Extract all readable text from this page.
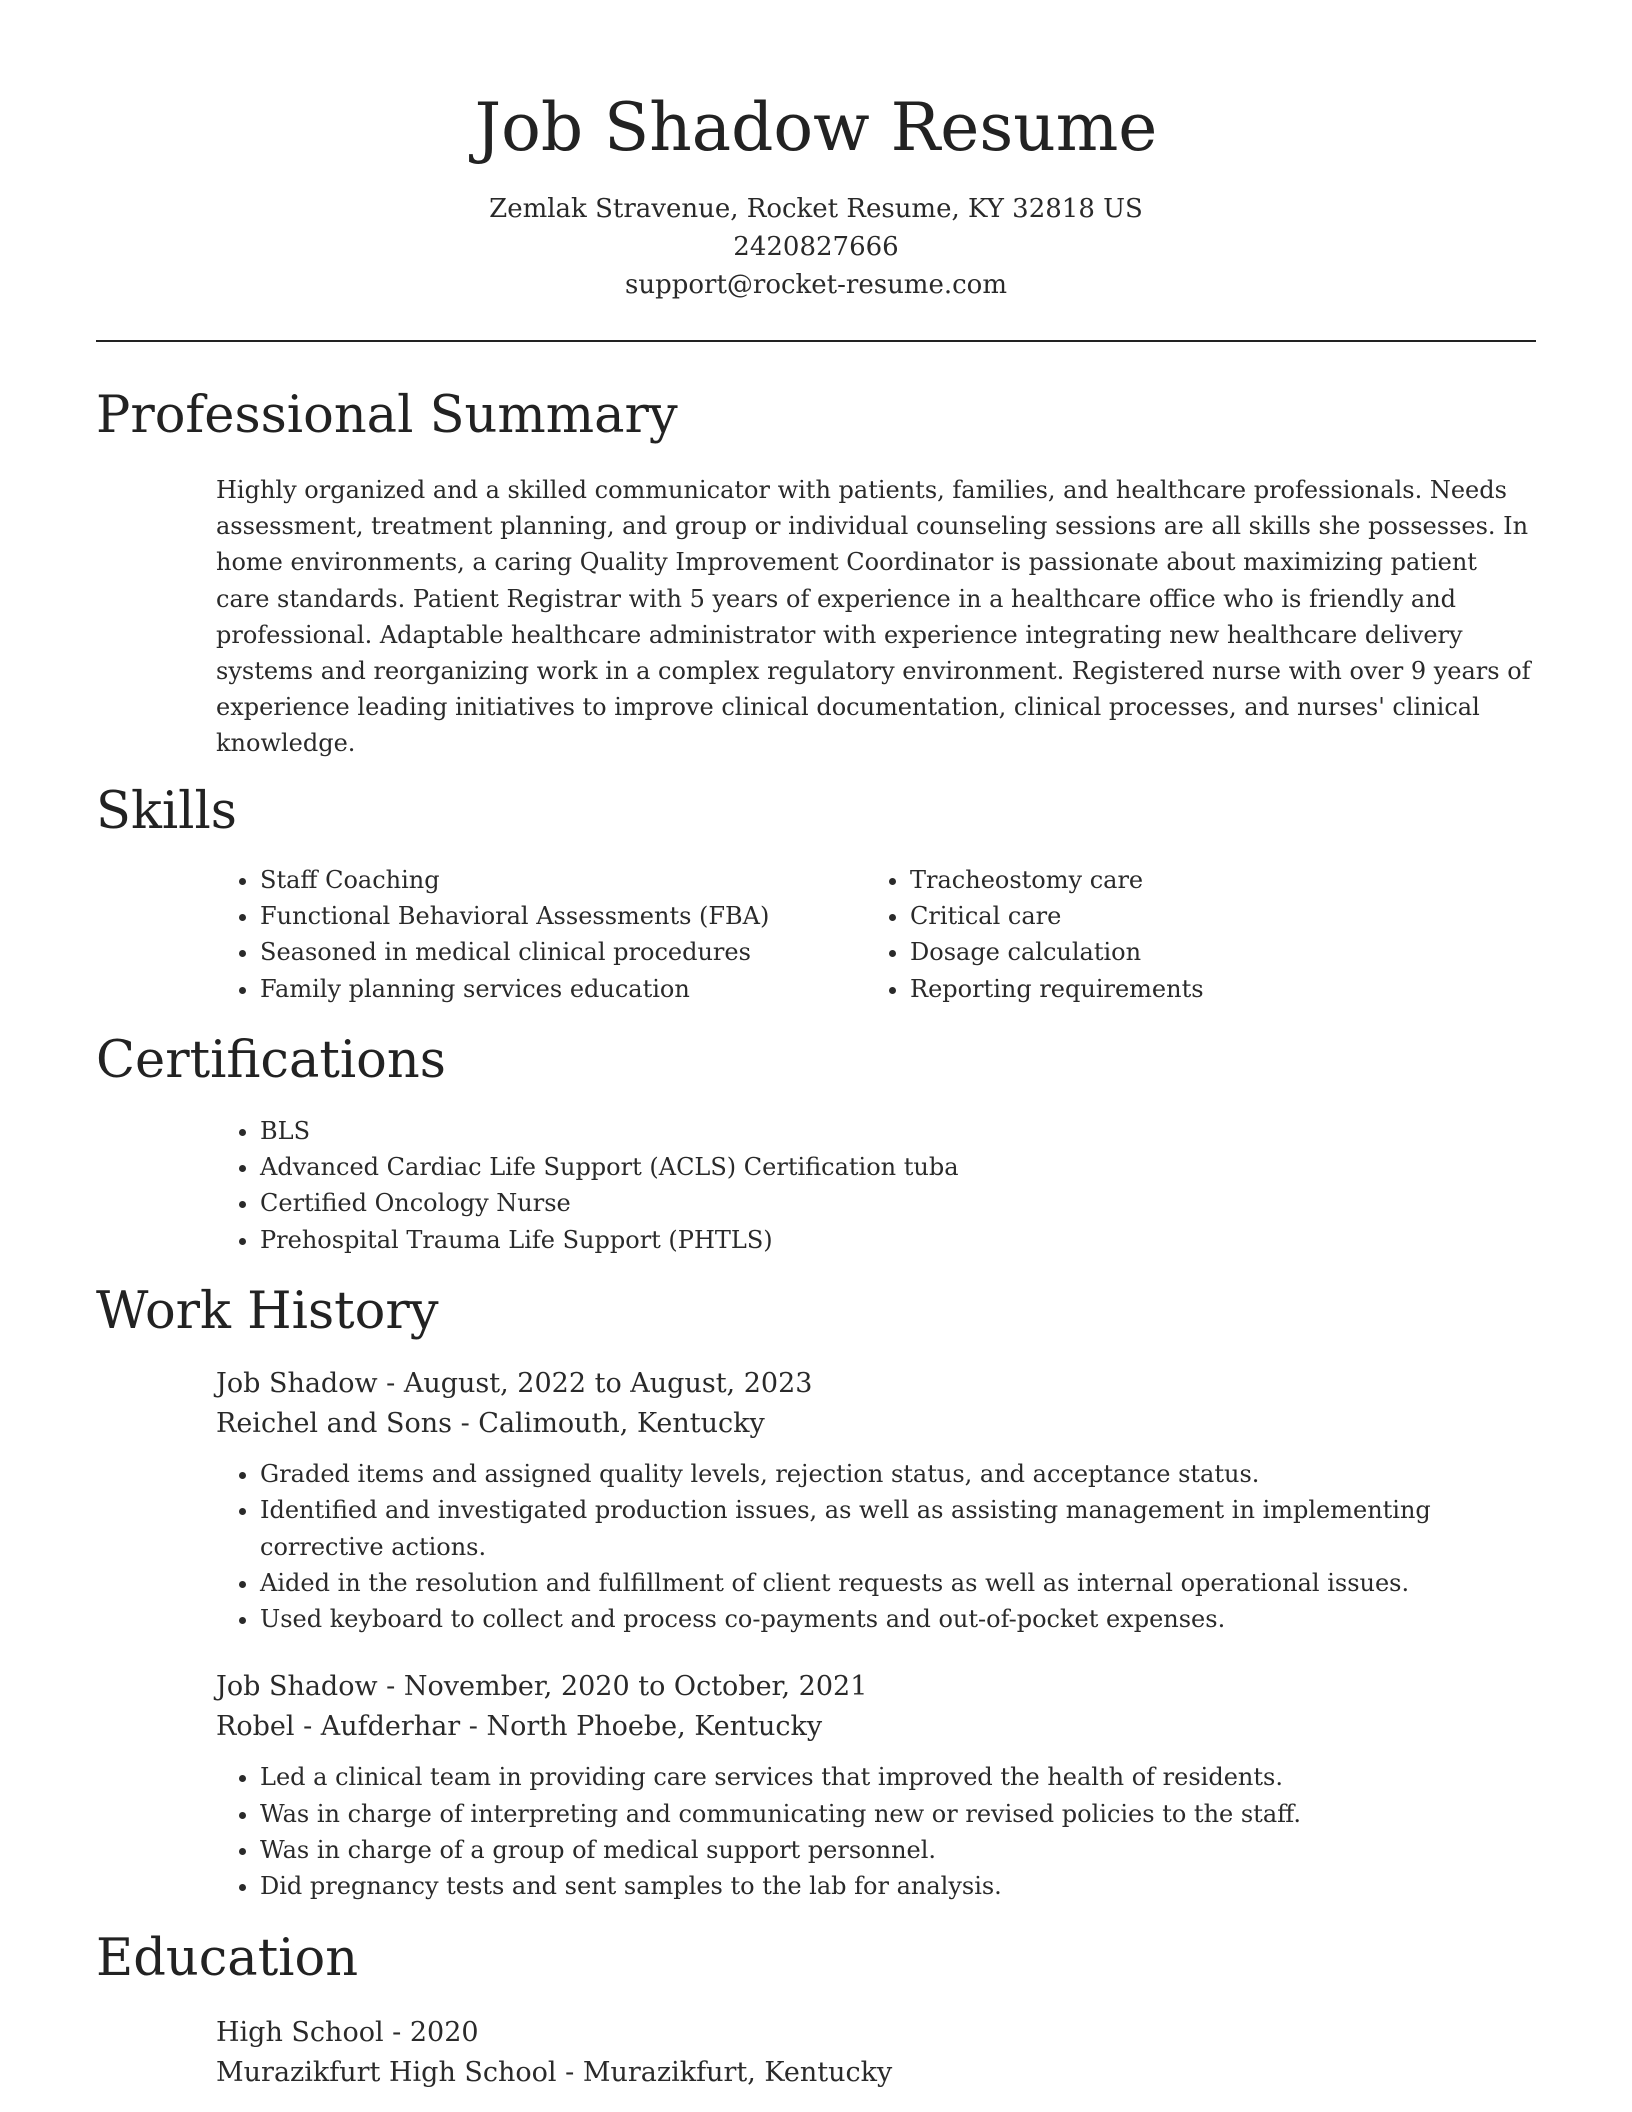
Job Shadow Resume
Zemlak Stravenue, Rocket Resume, KY 32818 US
2420827666
support@rocket-resume.com
Professional Summary
Highly organized and a skilled communicator with patients, families, and healthcare professionals. Needs assessment, treatment planning, and group or individual counseling sessions are all skills she possesses. In home environments, a caring Quality Improvement Coordinator is passionate about maximizing patient care standards. Patient Registrar with 5 years of experience in a healthcare office who is friendly and professional. Adaptable healthcare administrator with experience integrating new healthcare delivery systems and reorganizing work in a complex regulatory environment. Registered nurse with over 9 years of experience leading initiatives to improve clinical documentation, clinical processes, and nurses' clinical knowledge.
Skills
• Staff Coaching
• Functional Behavioral Assessments (FBA)
• Seasoned in medical clinical procedures
• Family planning services education
• Tracheostomy care
• Critical care
• Dosage calculation
• Reporting requirements
Certifications
• BLS
• Advanced Cardiac Life Support (ACLS) Certification tuba
• Certified Oncology Nurse
• Prehospital Trauma Life Support (PHTLS)
Work History
Job Shadow - August, 2022 to August, 2023
Reichel and Sons - Calimouth, Kentucky
• Graded items and assigned quality levels, rejection status, and acceptance status.
• Identified and investigated production issues, as well as assisting management in implementing corrective actions.
• Aided in the resolution and fulfillment of client requests as well as internal operational issues.
• Used keyboard to collect and process co-payments and out-of-pocket expenses.
Job Shadow - November, 2020 to October, 2021
Robel - Aufderhar - North Phoebe, Kentucky
• Led a clinical team in providing care services that improved the health of residents.
• Was in charge of interpreting and communicating new or revised policies to the staff.
• Was in charge of a group of medical support personnel.
• Did pregnancy tests and sent samples to the lab for analysis.
Education
High School - 2020
Murazikfurt High School - Murazikfurt, Kentucky
